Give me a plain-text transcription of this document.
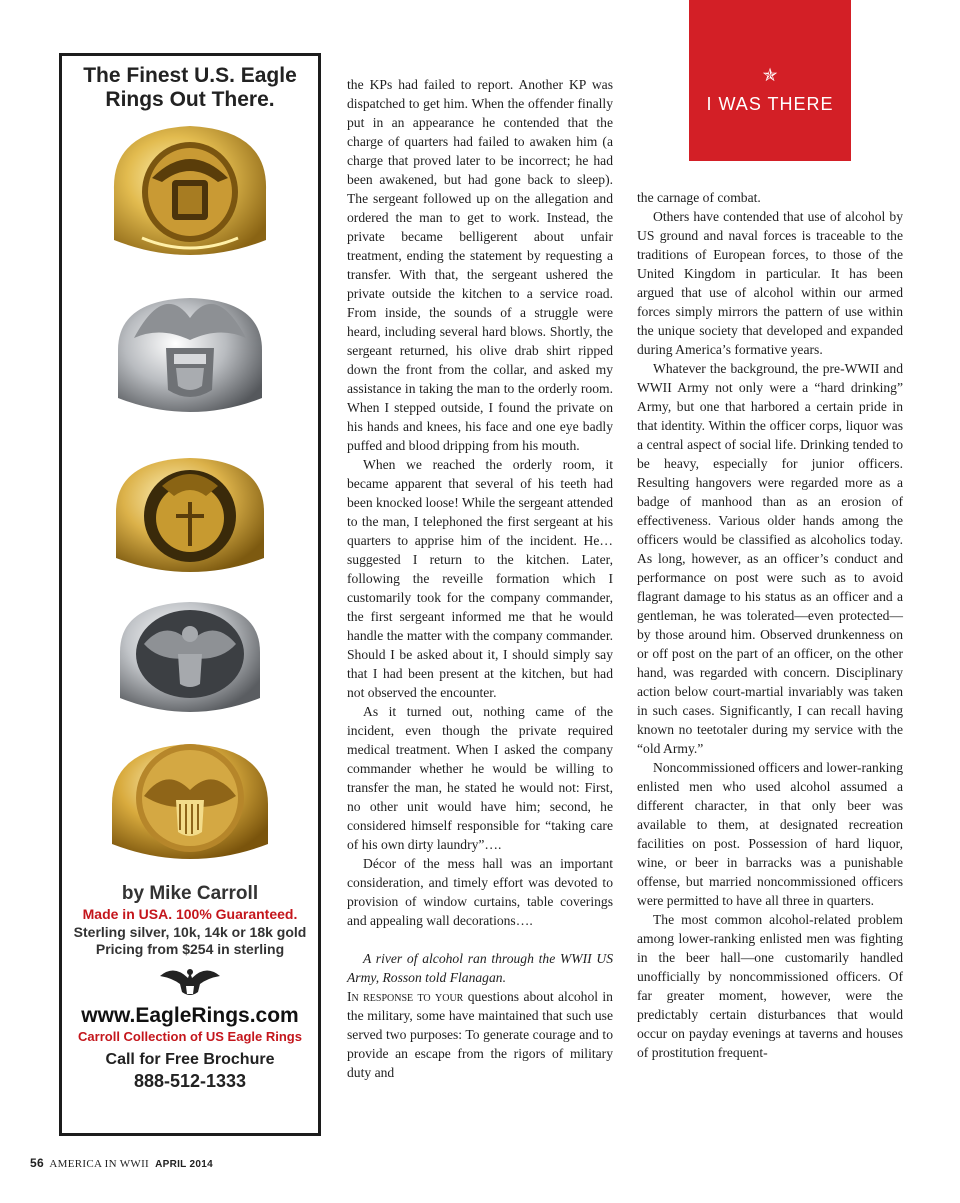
The Finest U.S. Eagle Rings Out There.
by Mike Carroll
Made in USA. 100% Guaranteed.
Sterling silver, 10k, 14k or 18k gold
Pricing from $254 in sterling
www.EagleRings.com
Carroll Collection of US Eagle Rings
Call for Free Brochure
888-512-1333
✯
I WAS THERE

the KPs had failed to report. Another KP was dispatched to get him. When the offender finally put in an appearance he contended that the charge of quarters had failed to awaken him (a charge that proved later to be incorrect; he had been awakened, but had gone back to sleep). The sergeant followed up on the allegation and ordered the man to get to work. Instead, the private became belligerent about unfair treatment, ending the statement by requesting a transfer. With that, the sergeant ushered the private outside the kitchen to a service road. From inside, the sounds of a struggle were heard, including several hard blows. Shortly, the sergeant returned, his olive drab shirt ripped down the front from the collar, and asked my assistance in taking the man to the orderly room. When I stepped outside, I found the private on his hands and knees, his face and one eye badly puffed and blood dripping from his mouth.

When we reached the orderly room, it became apparent that several of his teeth had been knocked loose! While the sergeant attended to the man, I telephoned the first sergeant at his quarters to apprise him of the incident. He…suggested I return to the kitchen. Later, following the reveille formation which I customarily took for the company commander, the first sergeant informed me that he would handle the matter with the company commander. Should I be asked about it, I should simply say that I had been present at the kitchen, but had not observed the encounter.

As it turned out, nothing came of the incident, even though the private required medical treatment. When I asked the company commander whether he would be willing to transfer the man, he stated he would not: First, no other unit would have him; second, he considered himself responsible for “taking care of his own dirty laundry”….

Décor of the mess hall was an important consideration, and timely effort was devoted to provision of window curtains, table coverings and appealing wall decorations….

A river of alcohol ran through the WWII US Army, Rosson told Flanagan.

In response to your questions about alcohol in the military, some have maintained that such use served two purposes: To generate courage and to provide an escape from the rigors of military duty and

the carnage of combat.

Others have contended that use of alcohol by US ground and naval forces is traceable to the traditions of European forces, to those of the United Kingdom in particular. It has been argued that use of alcohol within our armed forces simply mirrors the pattern of use within the unique society that developed and expanded during America’s formative years.

Whatever the background, the pre-WWII and WWII Army not only were a “hard drinking” Army, but one that harbored a certain pride in that identity. Within the officer corps, liquor was a central aspect of social life. Drinking tended to be heavy, especially for junior officers. Resulting hangovers were regarded more as a badge of manhood than as an erosion of effectiveness. Various older hands among the officers would be classified as alcoholics today. As long, however, as an officer’s conduct and performance on post were such as to avoid flagrant damage to his status as an officer and a gentleman, he was tolerated—even protected—by those around him. Observed drunkenness on or off post on the part of an officer, on the other hand, was regarded with concern. Disciplinary action below court-martial invariably was taken in such cases. Significantly, I can recall having known no teetotaler during my service with the “old Army.”

Noncommissioned officers and lower-ranking enlisted men who used alcohol assumed a different character, in that only beer was available to them, at designated recreation facilities on post. Possession of hard liquor, wine, or beer in barracks was a punishable offense, but married noncommissioned officers were permitted to have all three in quarters.

The most common alcohol-related problem among lower-ranking enlisted men was fighting in the beer hall—one customarily handled unofficially by noncommissioned officers. Of far greater moment, however, were the predictably certain disturbances that would occur on payday evenings at taverns and houses of prostitution frequent-

56 AMERICA IN WWII APRIL 2014
